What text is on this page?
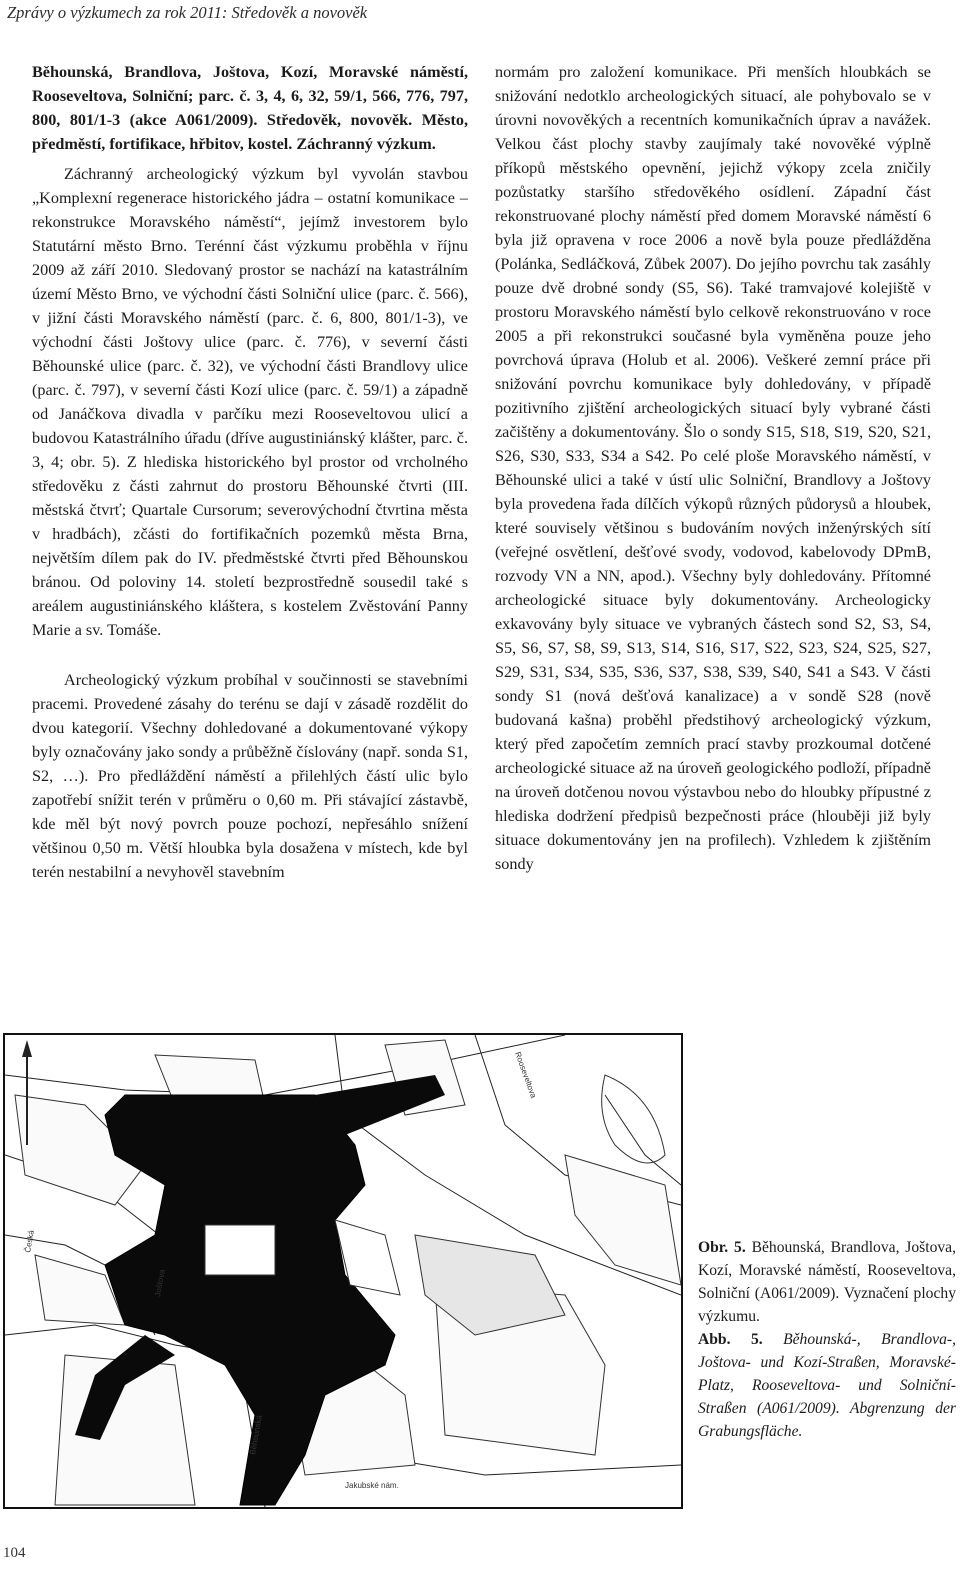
Zprávy o výzkumech za rok 2011: Středověk a novověk

Běhounská, Brandlova, Joštova, Kozí, Moravské náměstí, Rooseveltova, Solniční; parc. č. 3, 4, 6, 32, 59/1, 566, 776, 797, 800, 801/1-3 (akce A061/2009). Středověk, novověk. Město, předměstí, fortifikace, hřbitov, kostel. Záchranný výzkum.

Záchranný archeologický výzkum byl vyvolán stavbou „Komplexní regenerace historického jádra – ostatní komunikace – rekonstrukce Moravského náměstí“, jejímž investorem bylo Statutární město Brno. Terénní část výzkumu proběhla v říjnu 2009 až září 2010. Sledovaný prostor se nachází na katastrálním území Město Brno, ve východní části Solniční ulice (parc. č. 566), v jižní části Moravského náměstí (parc. č. 6, 800, 801/1-3), ve východní části Joštovy ulice (parc. č. 776), v severní části Běhounské ulice (parc. č. 32), ve východní části Brandlovy ulice (parc. č. 797), v severní části Kozí ulice (parc. č. 59/1) a západně od Janáčkova divadla v parčíku mezi Rooseveltovou ulicí a budovou Katastrálního úřadu (dříve augustiniánský klášter, parc. č. 3, 4; obr. 5). Z hlediska historického byl prostor od vrcholného středověku z části zahrnut do prostoru Běhounské čtvrti (III. městská čtvrť; Quartale Cursorum; severovýchodní čtvrtina města v hradbách), zčásti do fortifikačních pozemků města Brna, největším dílem pak do IV. předměstské čtvrti před Běhounskou bránou. Od poloviny 14. století bezprostředně sousedil také s areálem augustiniánského kláštera, s kostelem Zvěstování Panny Marie a sv. Tomáše.

Archeologický výzkum probíhal v součinnosti se stavebními pracemi. Provedené zásahy do terénu se dají v zásadě rozdělit do dvou kategorií. Všechny dohledované a dokumentované výkopy byly označovány jako sondy a průběžně číslovány (např. sonda S1, S2, …). Pro předláždění náměstí a přilehlých částí ulic bylo zapotřebí snížit terén v průměru o 0,60 m. Při stávající zástavbě, kde měl být nový povrch pouze pochozí, nepřesáhlo snížení většinou 0,50 m. Větší hloubka byla dosažena v místech, kde byl terén nestabilní a nevyhověl stavebním

normám pro založení komunikace. Při menších hloubkách se snižování nedotklo archeologických situací, ale pohybovalo se v úrovni novověkých a recentních komunikačních úprav a navážek. Velkou část plochy stavby zaujímaly také novověké výplně příkopů městského opevnění, jejichž výkopy zcela zničily pozůstatky staršího středověkého osídlení. Západní část rekonstruované plochy náměstí před domem Moravské náměstí 6 byla již opravena v roce 2006 a nově byla pouze předlážděna (Polánka, Sedláčková, Zůbek 2007). Do jejího povrchu tak zasáhly pouze dvě drobné sondy (S5, S6). Také tramvajové kolejiště v prostoru Moravského náměstí bylo celkově rekonstruováno v roce 2005 a při rekonstrukci současné byla vyměněna pouze jeho povrchová úprava (Holub et al. 2006). Veškeré zemní práce při snižování povrchu komunikace byly dohledovány, v případě pozitivního zjištění archeologických situací byly vybrané části začištěny a dokumentovány. Šlo o sondy S15, S18, S19, S20, S21, S26, S30, S33, S34 a S42. Po celé ploše Moravského náměstí, v Běhounské ulici a také v ústí ulic Solniční, Brandlovy a Joštovy byla provedena řada dílčích výkopů různých půdorysů a hloubek, které souvisely většinou s budováním nových inženýrských sítí (veřejné osvětlení, dešťové svody, vodovod, kabelovody DPmB, rozvody VN a NN, apod.). Všechny byly dohledovány. Přítomné archeologické situace byly dokumentovány. Archeologicky exkavovány byly situace ve vybraných částech sond S2, S3, S4, S5, S6, S7, S8, S9, S13, S14, S16, S17, S22, S23, S24, S25, S27, S29, S31, S34, S35, S36, S37, S38, S39, S40, S41 a S43. V části sondy S1 (nová dešťová kanalizace) a v sondě S28 (nově budovaná kašna) proběhl předstihový archeologický výzkum, který před započetím zemních prací stavby prozkoumal dotčené archeologické situace až na úroveň geologického podloží, případně na úroveň dotčenou novou výstavbou nebo do hloubky přípustné z hlediska dodržení předpisů bezpečnosti práce (hlouběji již byly situace dokumentovány jen na profilech). Vzhledem k zjištěním sondy

Česká
Joštova
Rooseveltova
Běhounská
Jakubské nám.

Obr. 5. Běhounská, Brandlova, Joštova, Kozí, Moravské náměstí, Rooseveltova, Solniční (A061/2009). Vyznačení plochy výzkumu.

Abb. 5. Běhounská-, Brandlova-, Joštova- und Kozí-Straßen, Moravské-Platz, Rooseveltova- und Solniční-Straßen (A061/2009). Abgrenzung der Grabungsfläche.

104
